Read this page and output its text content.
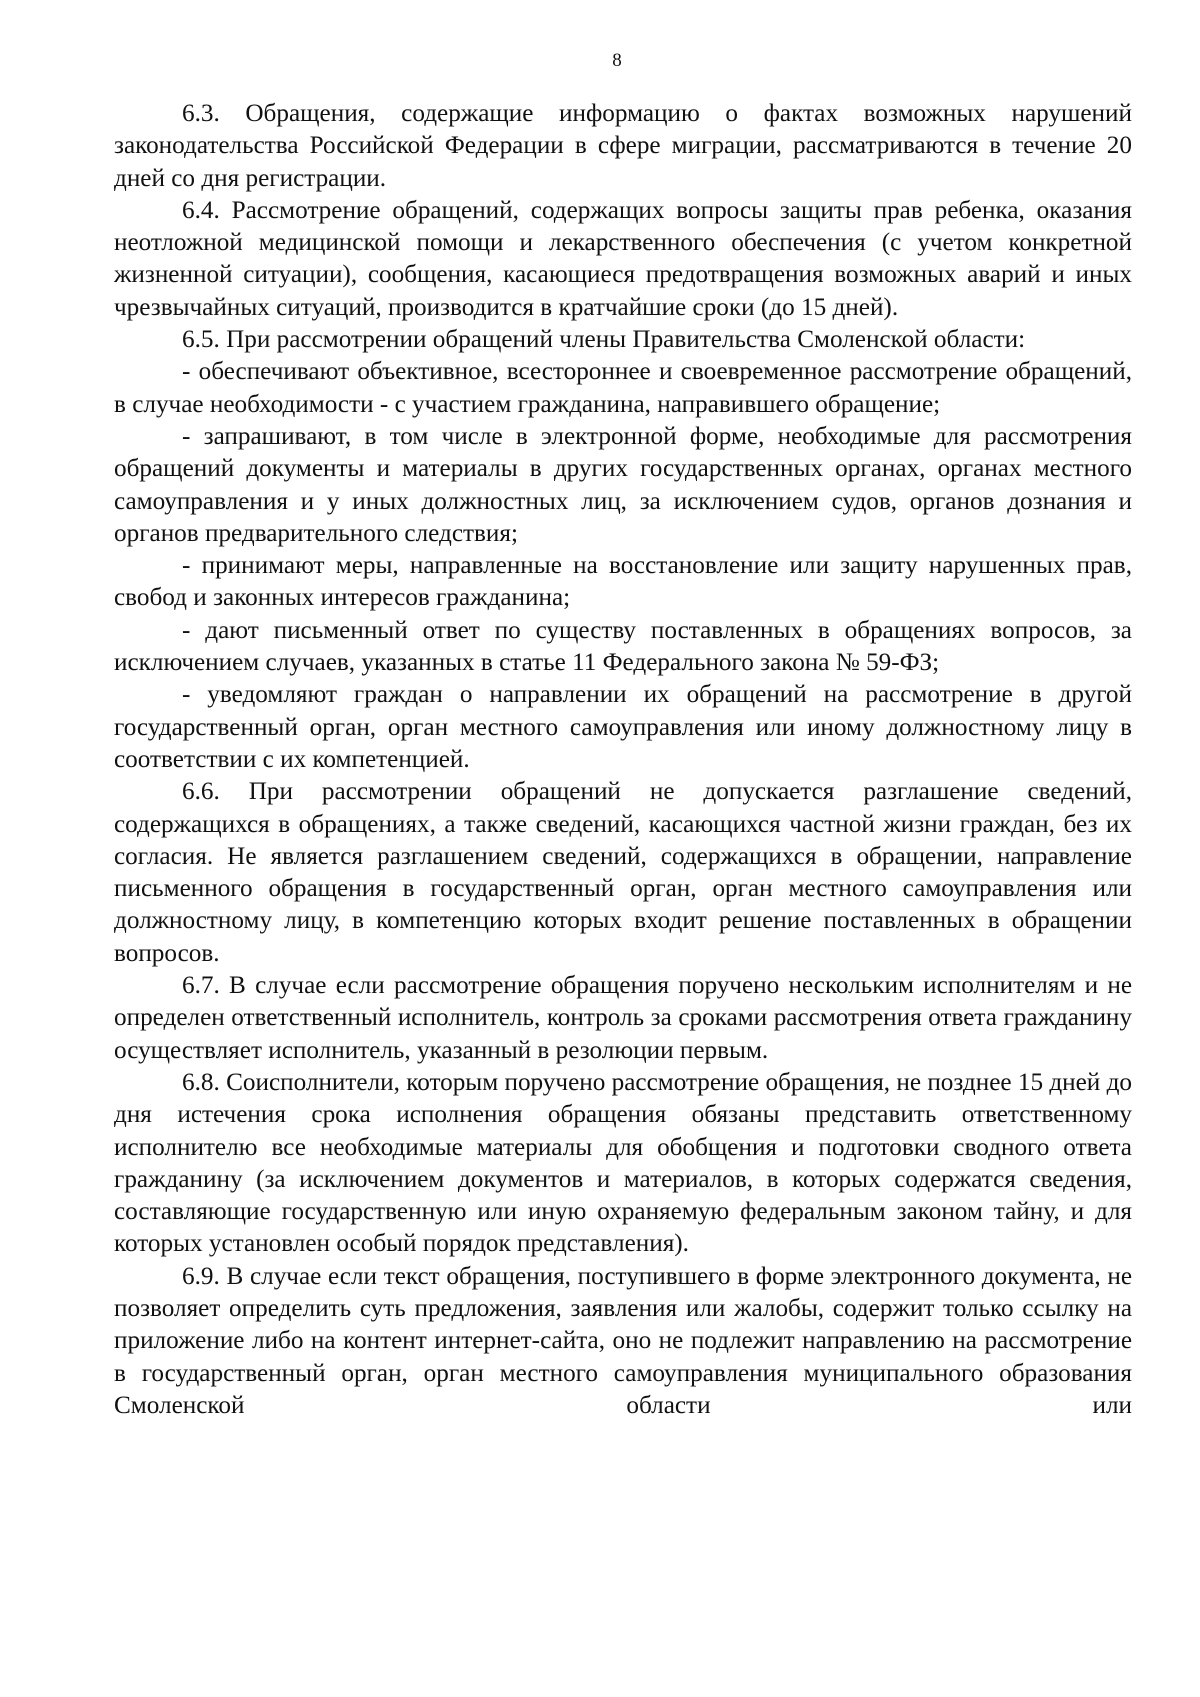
8

6.3. Обращения, содержащие информацию о фактах возможных нарушений законодательства Российской Федерации в сфере миграции, рассматриваются в течение 20 дней со дня регистрации.

6.4. Рассмотрение обращений, содержащих вопросы защиты прав ребенка, оказания неотложной медицинской помощи и лекарственного обеспечения (с учетом конкретной жизненной ситуации), сообщения, касающиеся предотвращения возможных аварий и иных чрезвычайных ситуаций, производится в кратчайшие сроки (до 15 дней).

6.5. При рассмотрении обращений члены Правительства Смоленской области:

- обеспечивают объективное, всестороннее и своевременное рассмотрение обращений, в случае необходимости - с участием гражданина, направившего обращение;

- запрашивают, в том числе в электронной форме, необходимые для рассмотрения обращений документы и материалы в других государственных органах, органах местного самоуправления и у иных должностных лиц, за исключением судов, органов дознания и органов предварительного следствия;

- принимают меры, направленные на восстановление или защиту нарушенных прав, свобод и законных интересов гражданина;

- дают письменный ответ по существу поставленных в обращениях вопросов, за исключением случаев, указанных в статье 11 Федерального закона № 59-ФЗ;

- уведомляют граждан о направлении их обращений на рассмотрение в другой государственный орган, орган местного самоуправления или иному должностному лицу в соответствии с их компетенцией.

6.6. При рассмотрении обращений не допускается разглашение сведений, содержащихся в обращениях, а также сведений, касающихся частной жизни граждан, без их согласия. Не является разглашением сведений, содержащихся в обращении, направление письменного обращения в государственный орган, орган местного самоуправления или должностному лицу, в компетенцию которых входит решение поставленных в обращении вопросов.

6.7. В случае если рассмотрение обращения поручено нескольким исполнителям и не определен ответственный исполнитель, контроль за сроками рассмотрения ответа гражданину осуществляет исполнитель, указанный в резолюции первым.

6.8. Соисполнители, которым поручено рассмотрение обращения, не позднее 15 дней до дня истечения срока исполнения обращения обязаны представить ответственному исполнителю все необходимые материалы для обобщения и подготовки сводного ответа гражданину (за исключением документов и материалов, в которых содержатся сведения, составляющие государственную или иную охраняемую федеральным законом тайну, и для которых установлен особый порядок представления).

6.9. В случае если текст обращения, поступившего в форме электронного документа, не позволяет определить суть предложения, заявления или жалобы, содержит только ссылку на приложение либо на контент интернет-сайта, оно не подлежит направлению на рассмотрение в государственный орган, орган местного самоуправления муниципального образования Смоленской области или
